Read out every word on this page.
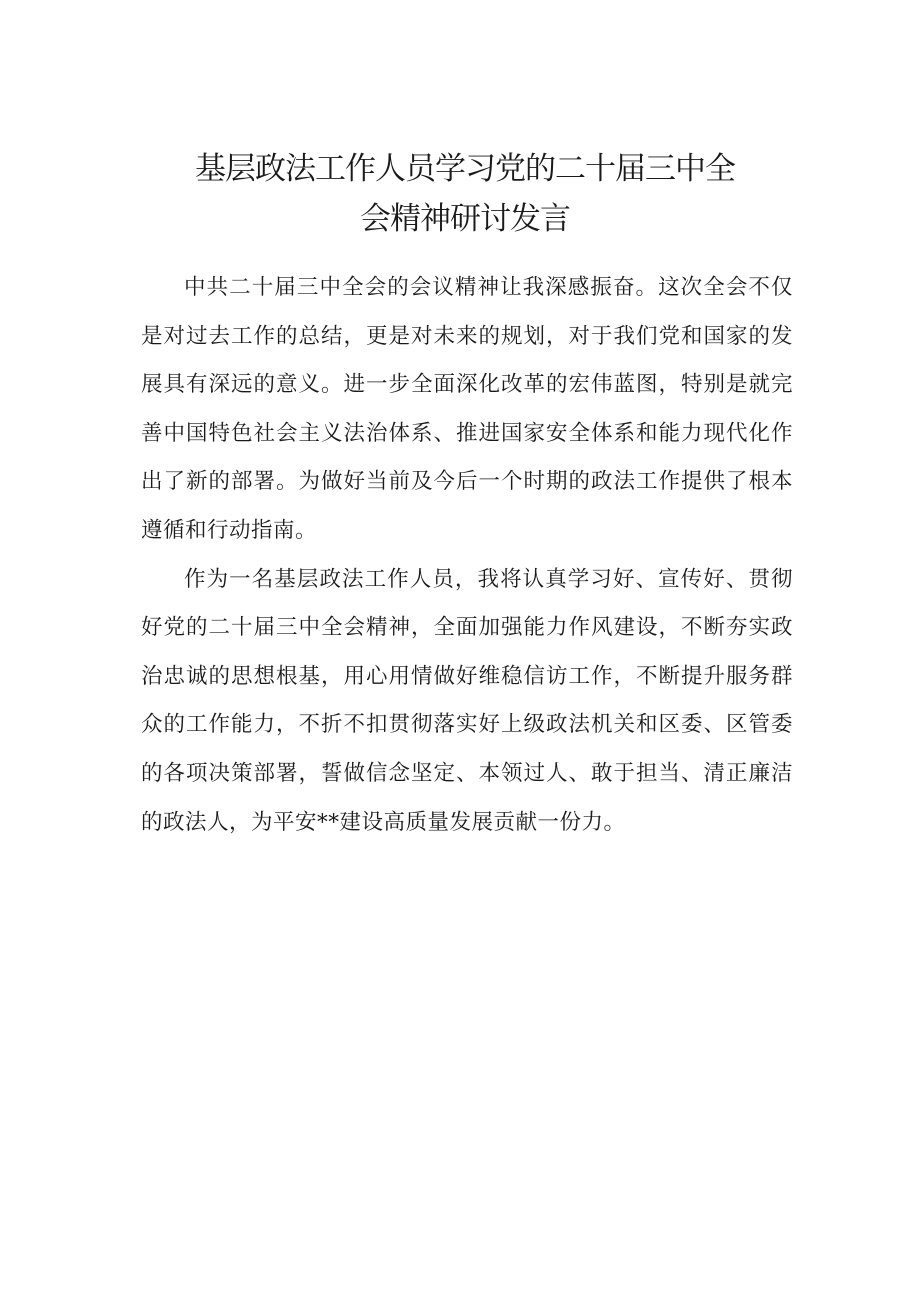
基层政法工作人员学习党的二十届三中全
会精神研讨发言

中共二十届三中全会的会议精神让我深感振奋。这次全会不仅是对过去工作的总结，更是对未来的规划，对于我们党和国家的发展具有深远的意义。进一步全面深化改革的宏伟蓝图，特别是就完善中国特色社会主义法治体系、推进国家安全体系和能力现代化作出了新的部署。为做好当前及今后一个时期的政法工作提供了根本遵循和行动指南。

作为一名基层政法工作人员，我将认真学习好、宣传好、贯彻好党的二十届三中全会精神，全面加强能力作风建设，不断夯实政治忠诚的思想根基，用心用情做好维稳信访工作，不断提升服务群众的工作能力，不折不扣贯彻落实好上级政法机关和区委、区管委的各项决策部署，誓做信念坚定、本领过人、敢于担当、清正廉洁的政法人，为平安**建设高质量发展贡献一份力。
